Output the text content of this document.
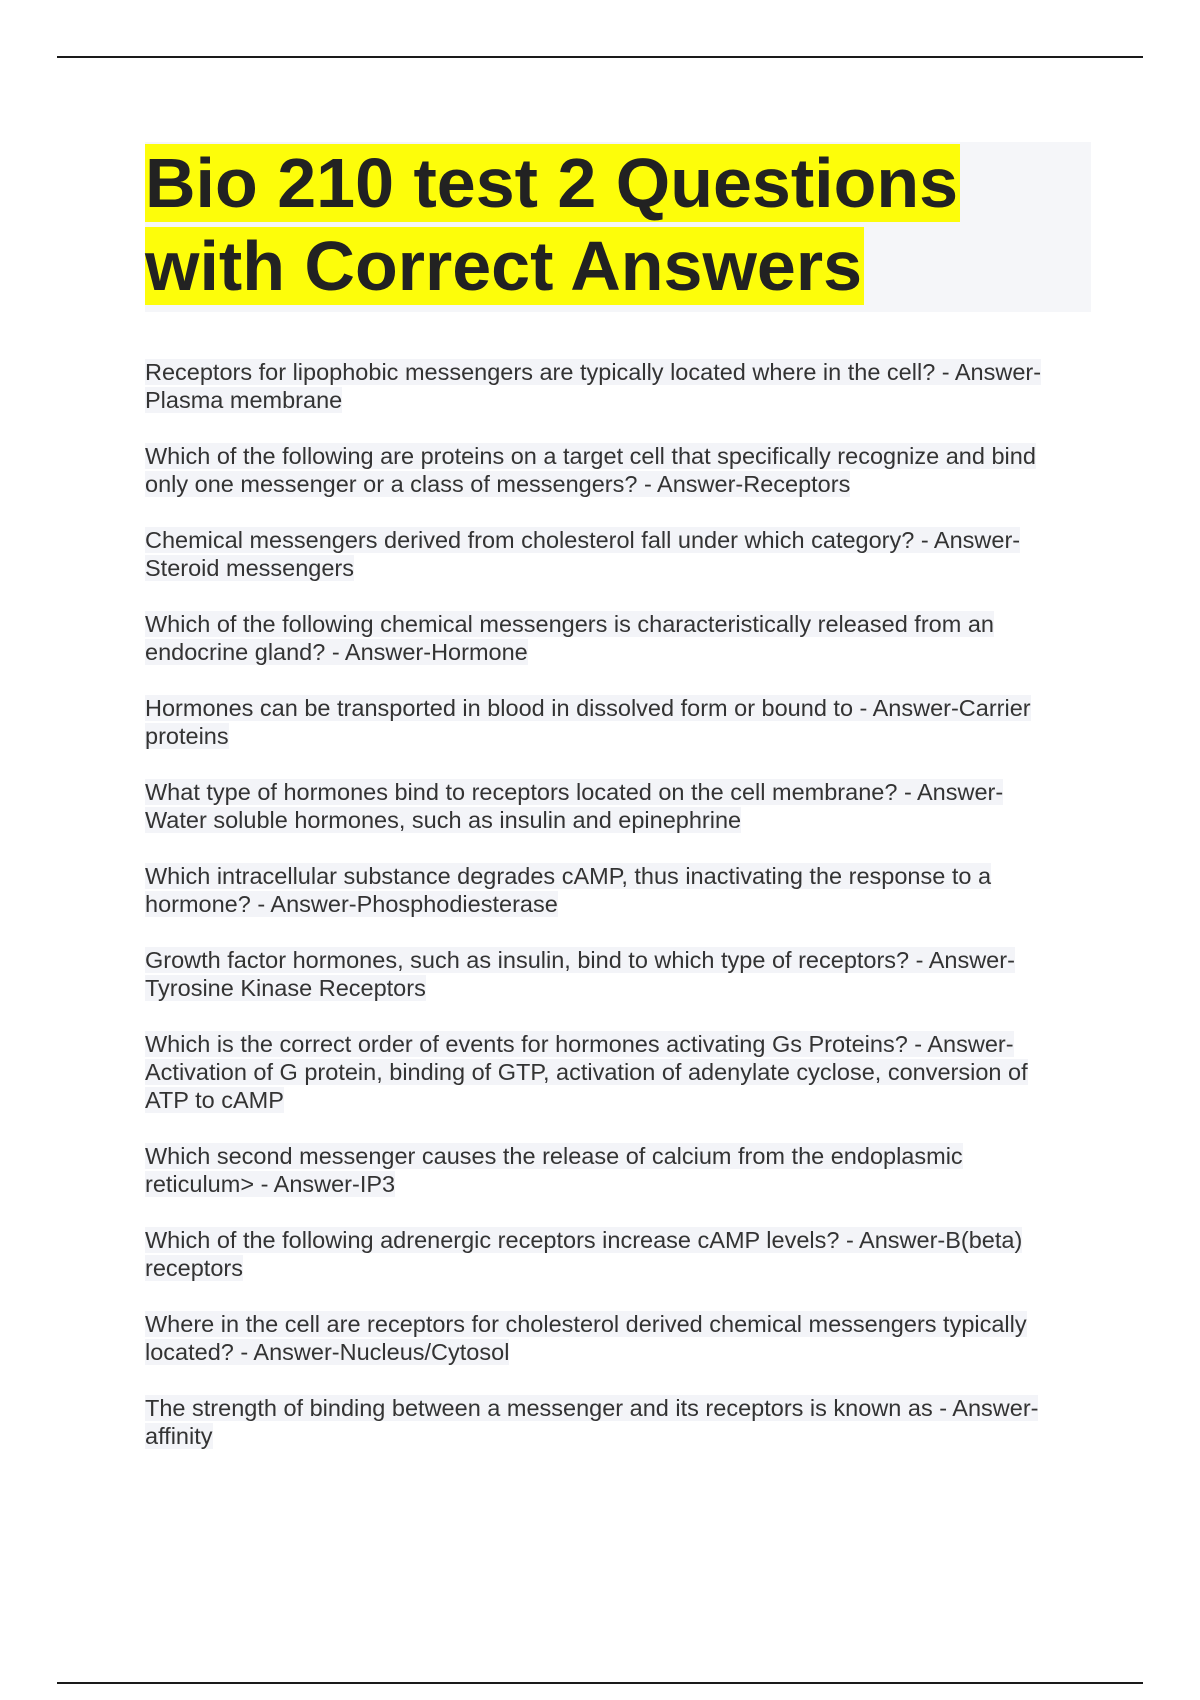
Bio 210 test 2 Questions
with Correct Answers

Receptors for lipophobic messengers are typically located where in the cell? - Answer-
Plasma membrane

Which of the following are proteins on a target cell that specifically recognize and bind
only one messenger or a class of messengers? - Answer-Receptors

Chemical messengers derived from cholesterol fall under which category? - Answer-
Steroid messengers

Which of the following chemical messengers is characteristically released from an
endocrine gland? - Answer-Hormone

Hormones can be transported in blood in dissolved form or bound to - Answer-Carrier
proteins

What type of hormones bind to receptors located on the cell membrane? - Answer-
Water soluble hormones, such as insulin and epinephrine

Which intracellular substance degrades cAMP, thus inactivating the response to a
hormone? - Answer-Phosphodiesterase

Growth factor hormones, such as insulin, bind to which type of receptors? - Answer-
Tyrosine Kinase Receptors

Which is the correct order of events for hormones activating Gs Proteins? - Answer-
Activation of G protein, binding of GTP, activation of adenylate cyclose, conversion of
ATP to cAMP

Which second messenger causes the release of calcium from the endoplasmic
reticulum> - Answer-IP3

Which of the following adrenergic receptors increase cAMP levels? - Answer-B(beta)
receptors

Where in the cell are receptors for cholesterol derived chemical messengers typically
located? - Answer-Nucleus/Cytosol

The strength of binding between a messenger and its receptors is known as - Answer-
affinity
